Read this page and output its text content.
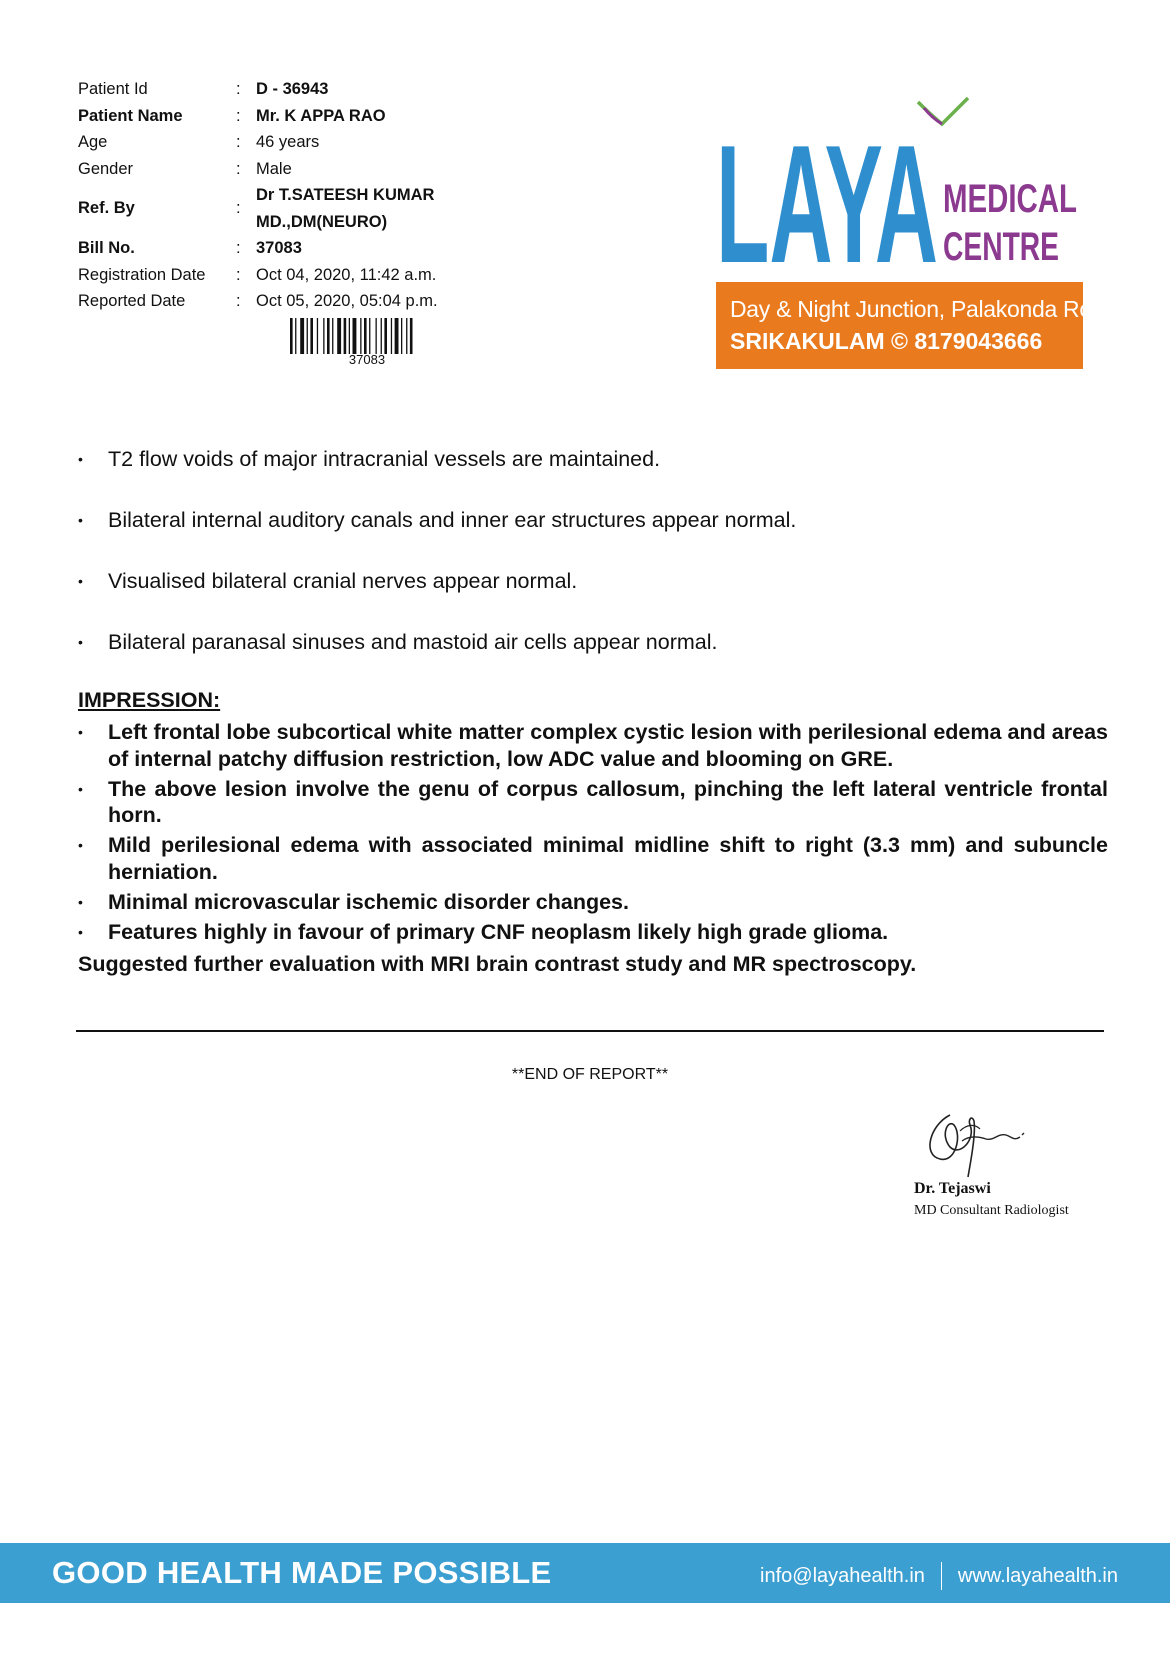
Patient Id	: D - 36943
Patient Name	: Mr. K APPA RAO
Age	: 46 years
Gender	: Male
Ref. By	:
Dr T.SATEESH KUMAR
MD.,DM(NEURO)
Bill No.	: 37083
Registration Date	: Oct 04, 2020, 11:42 a.m.
Reported Date	: Oct 05, 2020, 05:04 p.m.
37083
LAYA MEDICAL
CENTRE
Day & Night Junction, Palakonda Road,
SRIKAKULAM © 8179043666
• T2 flow voids of major intracranial vessels are maintained.
• Bilateral internal auditory canals and inner ear structures appear normal.
• Visualised bilateral cranial nerves appear normal.
• Bilateral paranasal sinuses and mastoid air cells appear normal.
IMPRESSION:
• Left frontal lobe subcortical white matter complex cystic lesion with perilesional edema and areas of internal patchy diffusion restriction, low ADC value and blooming on GRE.
• The above lesion involve the genu of corpus callosum, pinching the left lateral ventricle frontal horn.
• Mild perilesional edema with associated minimal midline shift to right (3.3 mm) and subuncle herniation.
• Minimal microvascular ischemic disorder changes.
• Features highly in favour of primary CNF neoplasm likely high grade glioma.
Suggested further evaluation with MRI brain contrast study and MR spectroscopy.
**END OF REPORT**
Dr. Tejaswi
MD Consultant Radiologist
GOOD HEALTH MADE POSSIBLE	info@layahealth.in www.layahealth.in
